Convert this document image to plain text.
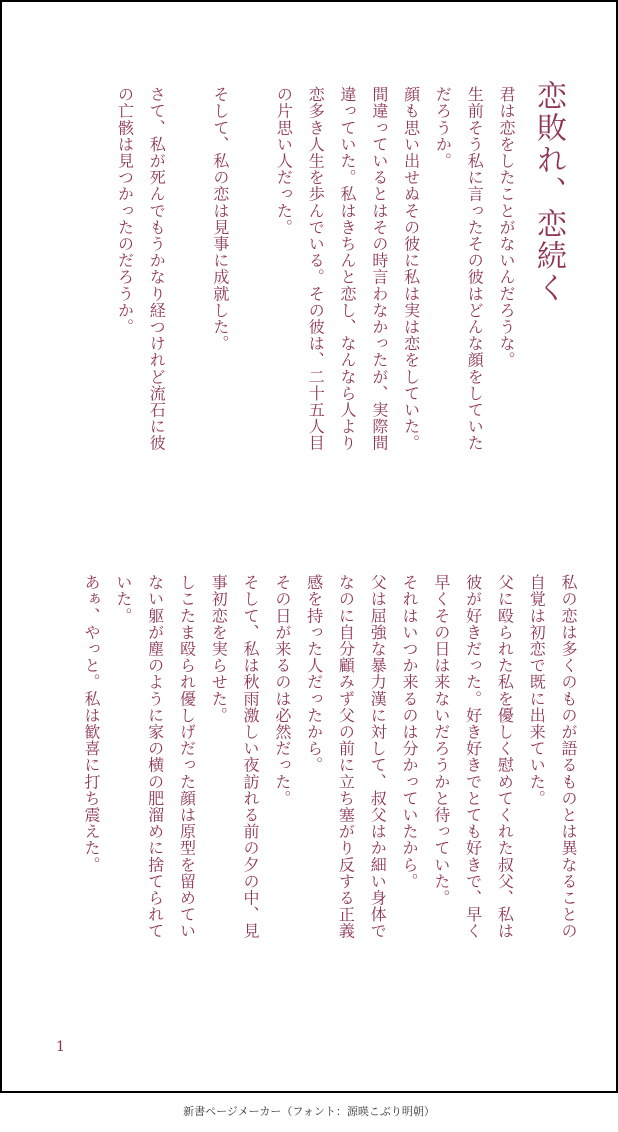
恋敗れ、恋続く
君は恋をしたことがないんだろうな。
生前そう私に言ったその彼はどんな顔をしていた
だろうか。
顔も思い出せぬその彼に私は実は恋をしていた。
間違っているとはその時言わなかったが、実際間
違っていた。私はきちんと恋し、なんなら人より
恋多き人生を歩んでいる。その彼は、二十五人目
の片思い人だった。

そして、私の恋は見事に成就した。

さて、私が死んでもうかなり経つけれど流石に彼
の亡骸は見つかったのだろうか。
私の恋は多くのものが語るものとは異なることの
自覚は初恋で既に出来ていた。
父に殴られた私を優しく慰めてくれた叔父、私は
彼が好きだった。好き好きでとても好きで、早く
早くその日は来ないだろうかと待っていた。
それはいつか来るのは分かっていたから。
父は屈強な暴力漢に対して、叔父はか細い身体で
なのに自分顧みず父の前に立ち塞がり反する正義
感を持った人だったから。
その日が来るのは必然だった。
そして、私は秋雨激しい夜訪れる前の夕の中、見
事初恋を実らせた。
しこたま殴られ優しげだった顔は原型を留めてい
ない躯が塵のように家の横の肥溜めに捨てられて
いた。
あぁ、やっと。私は歓喜に打ち震えた。
1
新書ページメーカー（フォント：源暎こぶり明朝）
